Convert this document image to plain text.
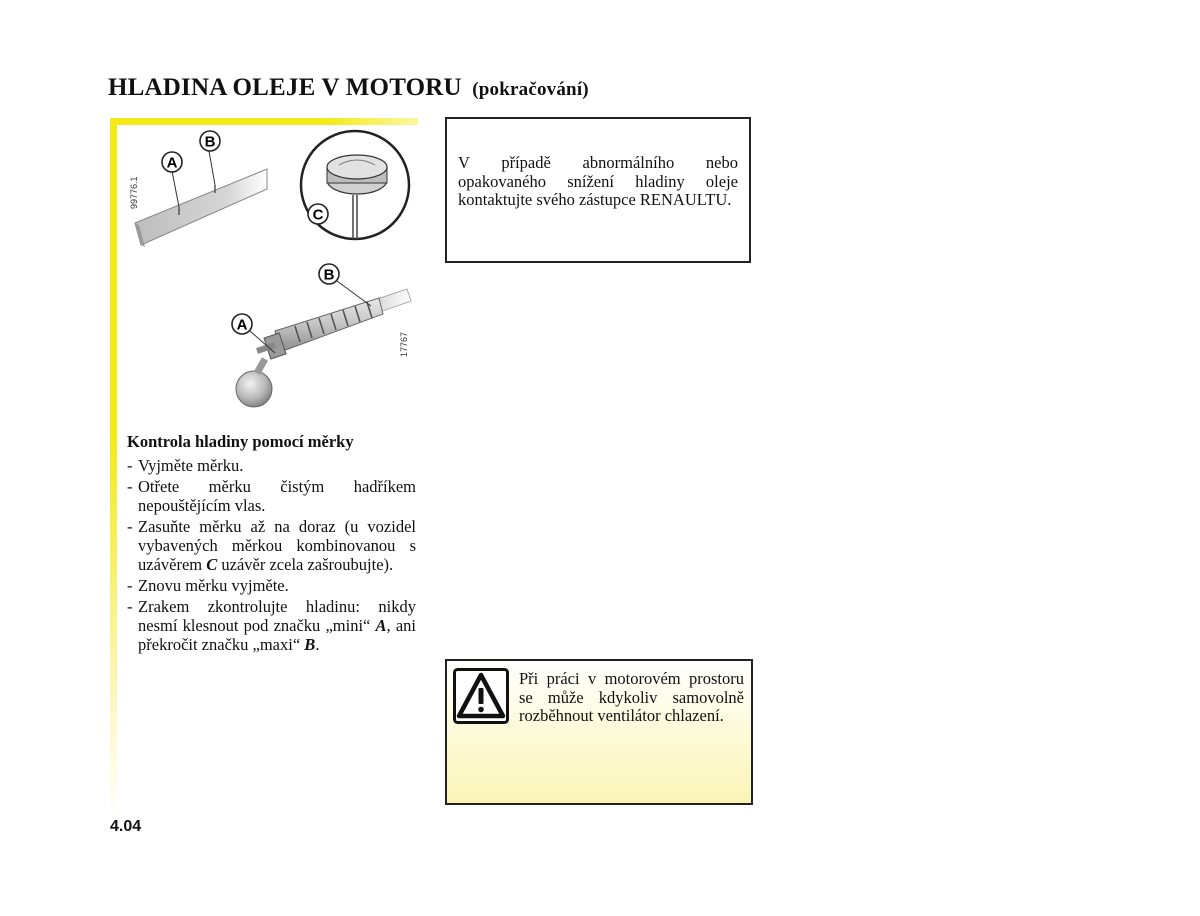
HLADINA OLEJE V MOTORU (pokračování)
99776.1
A
B
C
17767
A
B
Kontrola hladiny pomocí měrky
- Vyjměte měrku.
- Otřete měrku čistým hadříkem nepouštějícím vlas.
- Zasuňte měrku až na doraz (u vozidel vybavených měrkou kombinovanou s uzávěrem C uzávěr zcela zašroubujte).
- Znovu měrku vyjměte.
- Zrakem zkontrolujte hladinu: nikdy nesmí klesnout pod značku „mini“ A, ani překročit značku „maxi“ B.

V případě abnormálního nebo opakovaného snížení hladiny oleje kontaktujte svého zástupce RENAULTU.

Při práci v motorovém prostoru se může kdykoliv samovolně rozběhnout ventilátor chlazení.

4.04
